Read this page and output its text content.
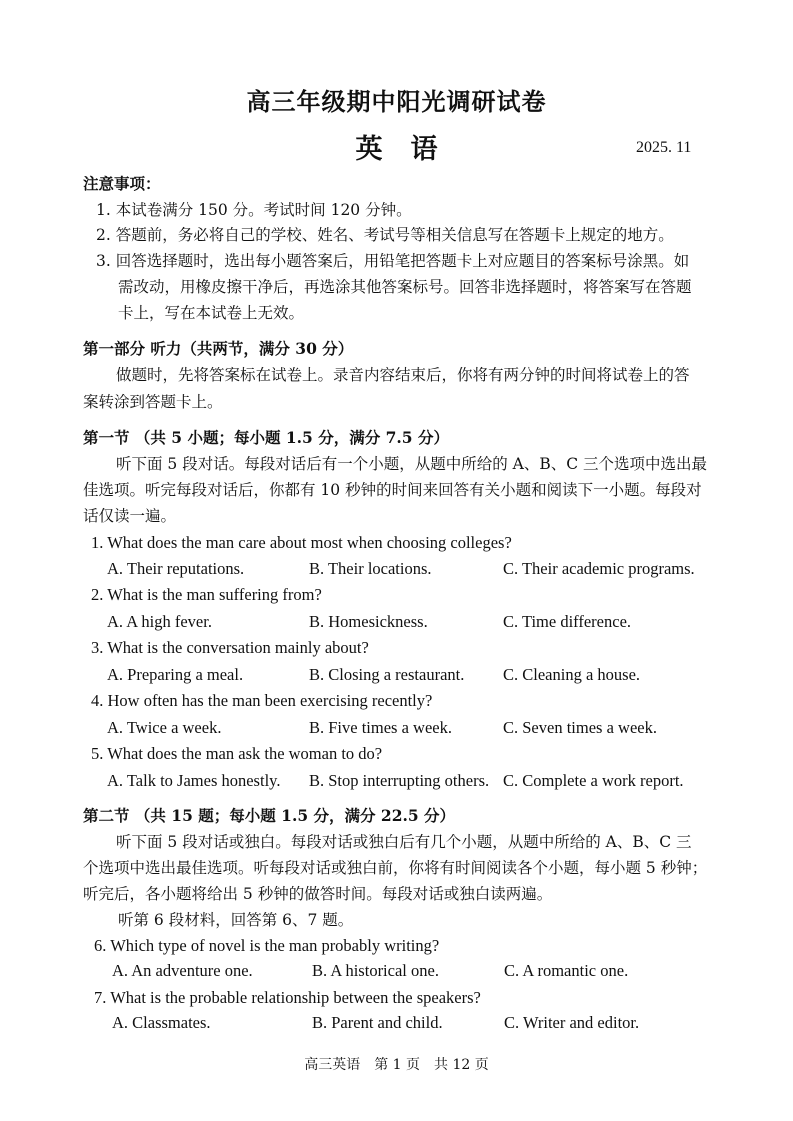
高三年级期中阳光调研试卷
英语	2025. 11
注意事项：
1. 本试卷满分 150 分。考试时间 120 分钟。
2. 答题前，务必将自己的学校、姓名、考试号等相关信息写在答题卡上规定的地方。
3. 回答选择题时，选出每小题答案后，用铅笔把答题卡上对应题目的答案标号涂黑。如
需改动，用橡皮擦干净后，再选涂其他答案标号。回答非选择题时，将答案写在答题
卡上，写在本试卷上无效。
第一部分 听力（共两节，满分 30 分）
做题时，先将答案标在试卷上。录音内容结束后，你将有两分钟的时间将试卷上的答
案转涂到答题卡上。
第一节 （共 5 小题；每小题 1.5 分，满分 7.5 分）
听下面 5 段对话。每段对话后有一个小题，从题中所给的 A、B、C 三个选项中选出最
佳选项。听完每段对话后，你都有 10 秒钟的时间来回答有关小题和阅读下一小题。每段对
话仅读一遍。
1. What does the man care about most when choosing colleges?
A. Their reputations.	B. Their locations.	C. Their academic programs.
2. What is the man suffering from?
A. A high fever.	B. Homesickness.	C. Time difference.
3. What is the conversation mainly about?
A. Preparing a meal.	B. Closing a restaurant. C. Cleaning a house.
4. How often has the man been exercising recently?
A. Twice a week.	B. Five times a week.	C. Seven times a week.
5. What does the man ask the woman to do?
A. Talk to James honestly. B. Stop interrupting others. C. Complete a work report.
第二节 （共 15 题；每小题 1.5 分，满分 22.5 分）
听下面 5 段对话或独白。每段对话或独白后有几个小题，从题中所给的 A、B、C 三
个选项中选出最佳选项。听每段对话或独白前，你将有时间阅读各个小题，每小题 5 秒钟；
听完后，各小题将给出 5 秒钟的做答时间。每段对话或独白读两遍。
听第 6 段材料，回答第 6、7 题。
6. Which type of novel is the man probably writing?
A. An adventure one.	B. A historical one.	C. A romantic one.
7. What is the probable relationship between the speakers?
A. Classmates.	B. Parent and child.	C. Writer and editor.
高三英语　第 1 页　共 12 页
